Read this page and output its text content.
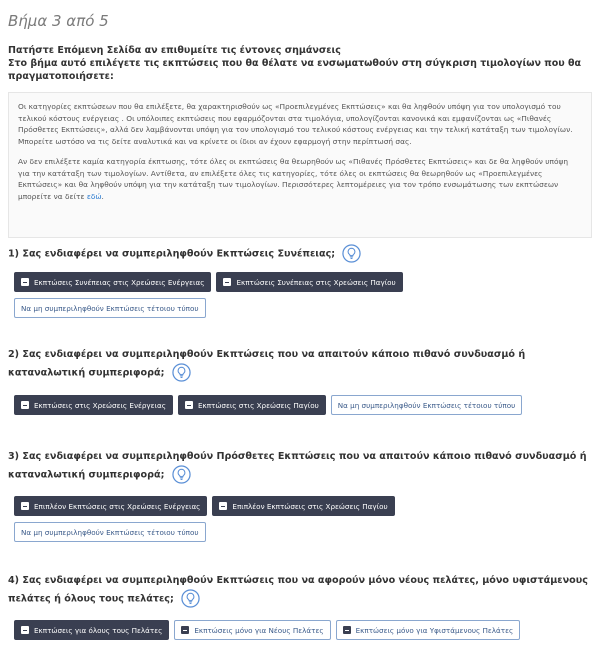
Βήμα 3 από 5
Πατήστε Επόμενη Σελίδα αν επιθυμείτε τις έντονες σημάνσεις
Στο βήμα αυτό επιλέγετε τις εκπτώσεις που θα θέλατε να ενσωματωθούν στη σύγκριση τιμολογίων που θα πραγματοποιήσετε:

Οι κατηγορίες εκπτώσεων που θα επιλέξετε, θα χαρακτηρισθούν ως «Προεπιλεγμένες Εκπτώσεις» και θα ληφθούν υπόψη για τον υπολογισμό του τελικού κόστους ενέργειας . Οι υπόλοιπες εκπτώσεις που εφαρμόζονται στα τιμολόγια, υπολογίζονται κανονικά και εμφανίζονται ως «Πιθανές Πρόσθετες Εκπτώσεις», αλλά δεν λαμβάνονται υπόψη για τον υπολογισμό του τελικού κόστους ενέργειας και την τελική κατάταξη των τιμολογίων. Μπορείτε ωστόσο να τις δείτε αναλυτικά και να κρίνετε οι ίδιοι αν έχουν εφαρμογή στην περίπτωσή σας.

Αν δεν επιλέξετε καμία κατηγορία έκπτωσης, τότε όλες οι εκπτώσεις θα θεωρηθούν ως «Πιθανές Πρόσθετες Εκπτώσεις» και δε θα ληφθούν υπόψη για την κατάταξη των τιμολογίων. Αντίθετα, αν επιλέξετε όλες τις κατηγορίες, τότε όλες οι εκπτώσεις θα θεωρηθούν ως «Προεπιλεγμένες Εκπτώσεις» και θα ληφθούν υπόψη για την κατάταξη των τιμολογίων. Περισσότερες λεπτομέρειες για τον τρόπο ενσωμάτωσης των εκπτώσεων μπορείτε να δείτε εδώ.

1) Σας ενδιαφέρει να συμπεριληφθούν Εκπτώσεις Συνέπειας;
Εκπτώσεις Συνέπειας στις Χρεώσεις Ενέργειας	Εκπτώσεις Συνέπειας στις Χρεώσεις Παγίου
Να μη συμπεριληφθούν Εκπτώσεις τέτοιου τύπου
2) Σας ενδιαφέρει να συμπεριληφθούν Εκπτώσεις που να απαιτούν κάποιο πιθανό συνδυασμό ή καταναλωτική συμπεριφορά;
Εκπτώσεις στις Χρεώσεις Ενέργειας	Εκπτώσεις στις Χρεώσεις Παγίου	Να μη συμπεριληφθούν Εκπτώσεις τέτοιου τύπου
3) Σας ενδιαφέρει να συμπεριληφθούν Πρόσθετες Εκπτώσεις που να απαιτούν κάποιο πιθανό συνδυασμό ή καταναλωτική συμπεριφορά;
Επιπλέον Εκπτώσεις στις Χρεώσεις Ενέργειας	Επιπλέον Εκπτώσεις στις Χρεώσεις Παγίου
Να μη συμπεριληφθούν Εκπτώσεις τέτοιου τύπου
4) Σας ενδιαφέρει να συμπεριληφθούν Εκπτώσεις που να αφορούν μόνο νέους πελάτες, μόνο υφιστάμενους πελάτες ή όλους τους πελάτες;
Εκπτώσεις για όλους τους Πελάτες	Εκπτώσεις μόνο για Νέους Πελάτες	Εκπτώσεις μόνο για Υφιστάμενους Πελάτες
